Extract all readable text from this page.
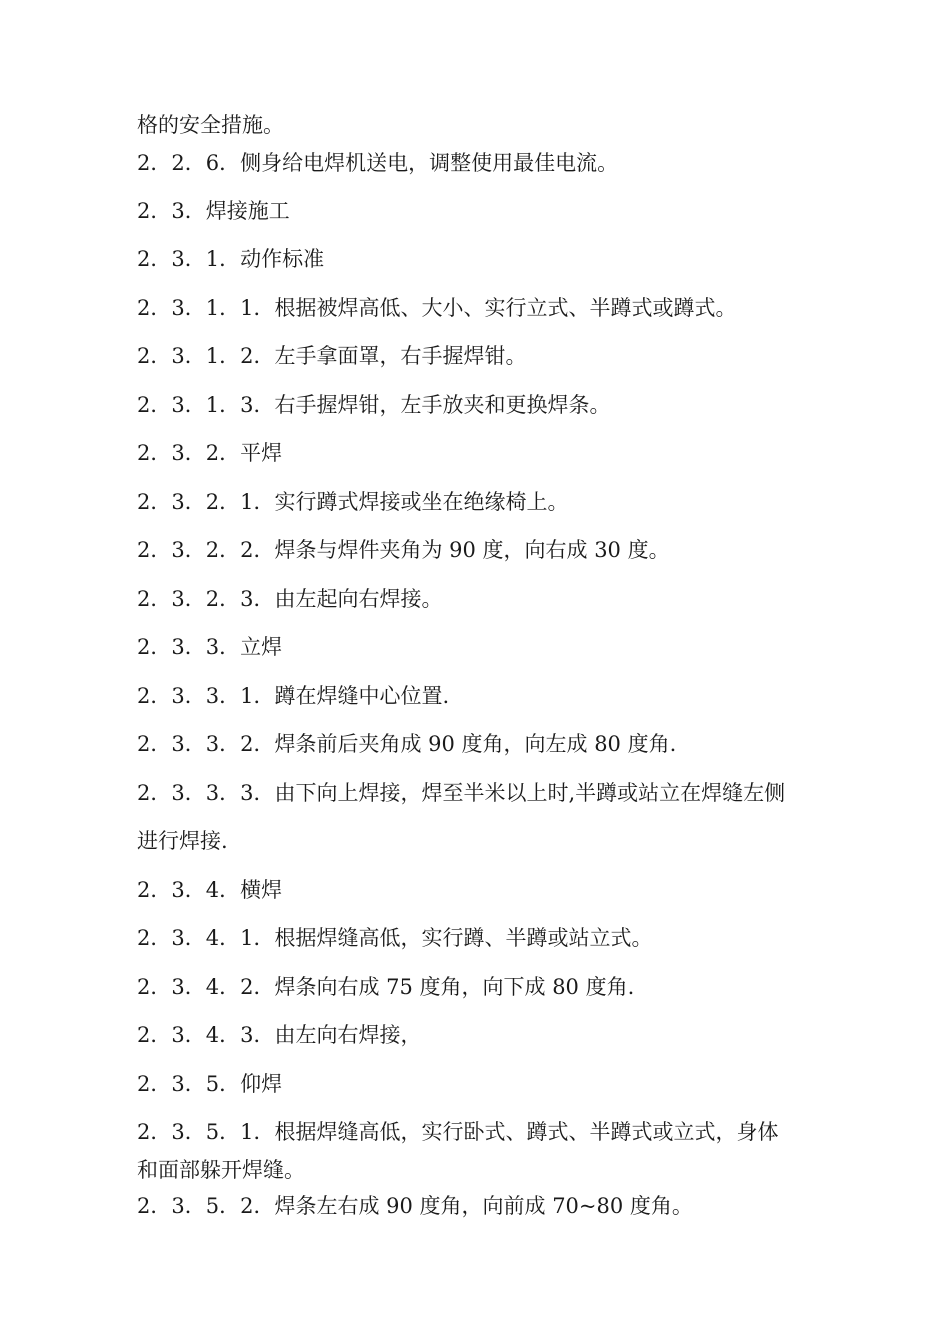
格的安全措施。

2．2．6．侧身给电焊机送电，调整使用最佳电流。

2．3．焊接施工

2．3．1．动作标准

2．3．1．1．根据被焊高低、大小、实行立式、半蹲式或蹲式。

2．3．1．2．左手拿面罩，右手握焊钳。

2．3．1．3．右手握焊钳，左手放夹和更换焊条。

2．3．2．平焊

2．3．2．1．实行蹲式焊接或坐在绝缘椅上。

2．3．2．2．焊条与焊件夹角为 90 度，向右成 30 度。

2．3．2．3．由左起向右焊接。

2．3．3．立焊

2．3．3．1．蹲在焊缝中心位置.

2．3．3．2．焊条前后夹角成 90 度角，向左成 80 度角.

2．3．3．3．由下向上焊接，焊至半米以上时,半蹲或站立在焊缝左侧

进行焊接.

2．3．4．横焊

2．3．4．1．根据焊缝高低，实行蹲、半蹲或站立式。

2．3．4．2．焊条向右成 75 度角，向下成 80 度角.

2．3．4．3．由左向右焊接，

2．3．5．仰焊

2．3．5．1．根据焊缝高低，实行卧式、蹲式、半蹲式或立式，身体

和面部躲开焊缝。

2．3．5．2．焊条左右成 90 度角，向前成 70~80 度角。
